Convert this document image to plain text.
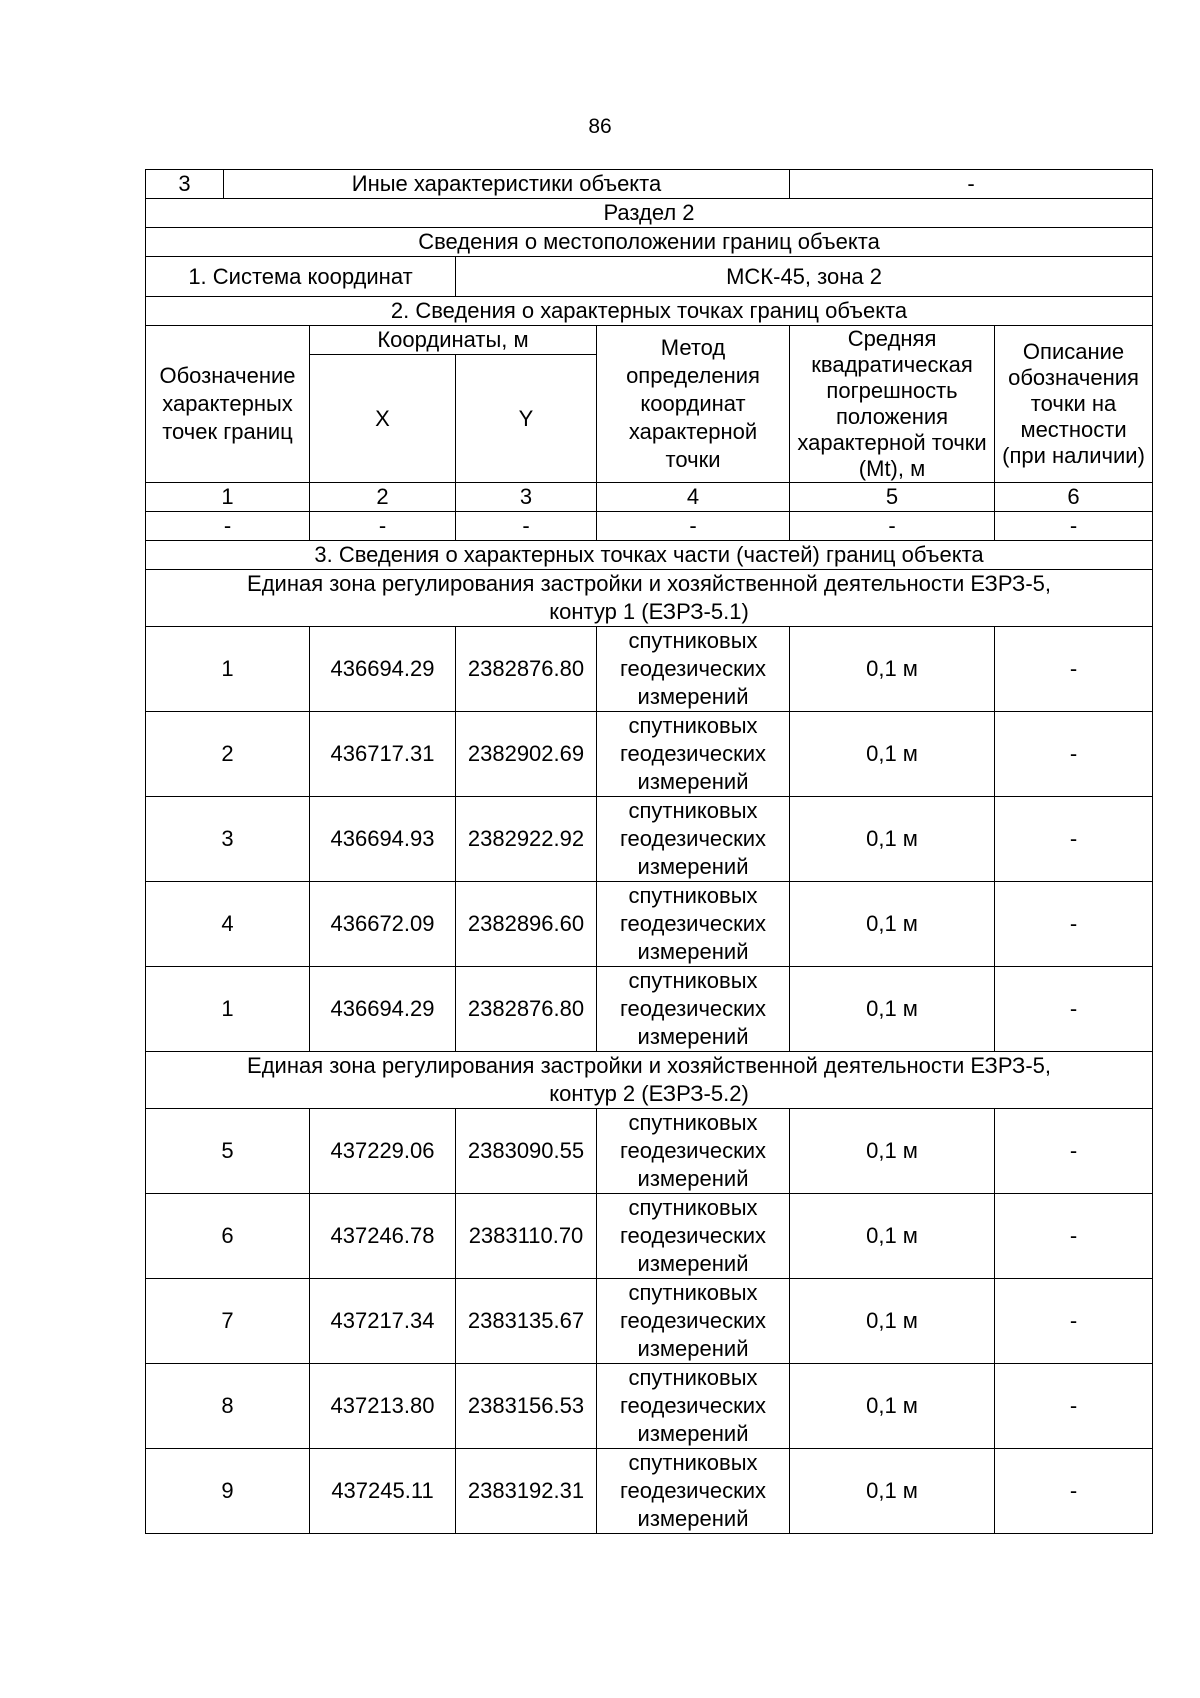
86
3	Иные характеристики объекта				-	
Раздел 2						
Сведения о местоположении границ объекта						
1. Система координат			МСК-45, зона 2			
2. Сведения о характерных точках границ объекта						
Обозначение характерных точек границ		Координаты, м		Метод определения координат характерной точки	Средняя квадратическая погрешность положения характерной точки (Mt), м	Описание обозначения точки на местности (при наличии)
		X	Y			
1		2	3	4	5	6
-		-	-	-	-	-
3. Сведения о характерных точках части (частей) границ объекта						

Единая зона регулирования застройки и хозяйственной деятельности ЕЗРЗ-5,
контур 1 (ЕЗРЗ-5.1)						

1		436694.29	2382876.80	спутниковых геодезических измерений	0,1 м	-
2		436717.31	2382902.69	спутниковых геодезических измерений	0,1 м	-
3		436694.93	2382922.92	спутниковых геодезических измерений	0,1 м	-
4		436672.09	2382896.60	спутниковых геодезических измерений	0,1 м	-
1		436694.29	2382876.80	спутниковых геодезических измерений	0,1 м	-

Единая зона регулирования застройки и хозяйственной деятельности ЕЗРЗ-5,
контур 2 (ЕЗРЗ-5.2)						

5		437229.06	2383090.55	спутниковых геодезических измерений	0,1 м	-
6		437246.78	2383110.70	спутниковых геодезических измерений	0,1 м	-
7		437217.34	2383135.67	спутниковых геодезических измерений	0,1 м	-
8		437213.80	2383156.53	спутниковых геодезических измерений	0,1 м	-
9		437245.11	2383192.31	спутниковых геодезических измерений	0,1 м	-
